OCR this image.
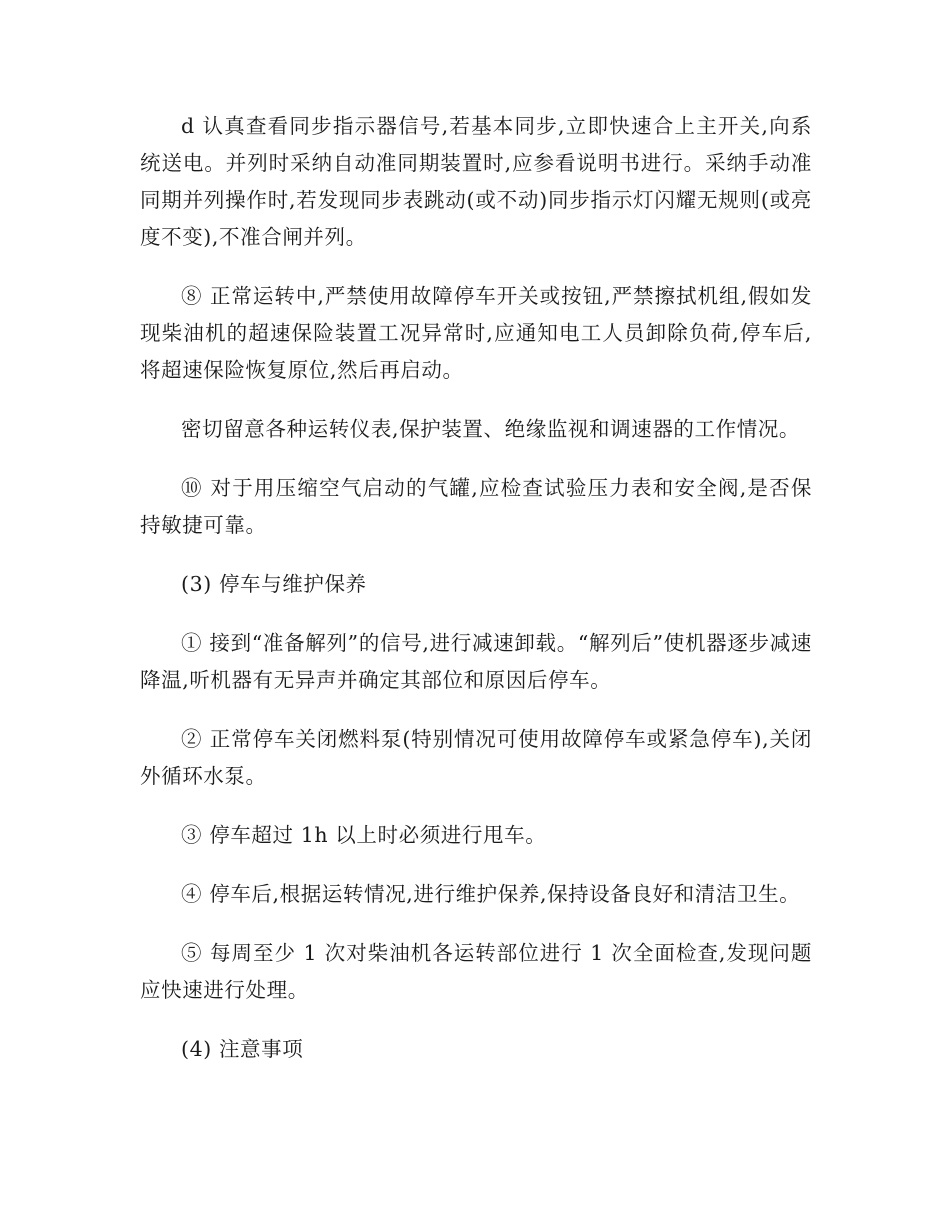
d 认真查看同步指示器信号,若基本同步,立即快速合上主开关,向系统送电。并列时采纳自动准同期装置时,应参看说明书进行。采纳手动准同期并列操作时,若发现同步表跳动(或不动)同步指示灯闪耀无规则(或亮度不变),不准合闸并列。

⑧ 正常运转中,严禁使用故障停车开关或按钮,严禁擦拭机组,假如发现柴油机的超速保险装置工况异常时,应通知电工人员卸除负荷,停车后,将超速保险恢复原位,然后再启动。

密切留意各种运转仪表,保护装置、绝缘监视和调速器的工作情况。

⑩ 对于用压缩空气启动的气罐,应检查试验压力表和安全阀,是否保持敏捷可靠。

(3) 停车与维护保养

① 接到“准备解列”的信号,进行减速卸载。“解列后”使机器逐步减速降温,听机器有无异声并确定其部位和原因后停车。

② 正常停车关闭燃料泵(特别情况可使用故障停车或紧急停车),关闭外循环水泵。

③ 停车超过 1h 以上时必须进行甩车。

④ 停车后,根据运转情况,进行维护保养,保持设备良好和清洁卫生。

⑤ 每周至少 1 次对柴油机各运转部位进行 1 次全面检查,发现问题应快速进行处理。

(4) 注意事项
